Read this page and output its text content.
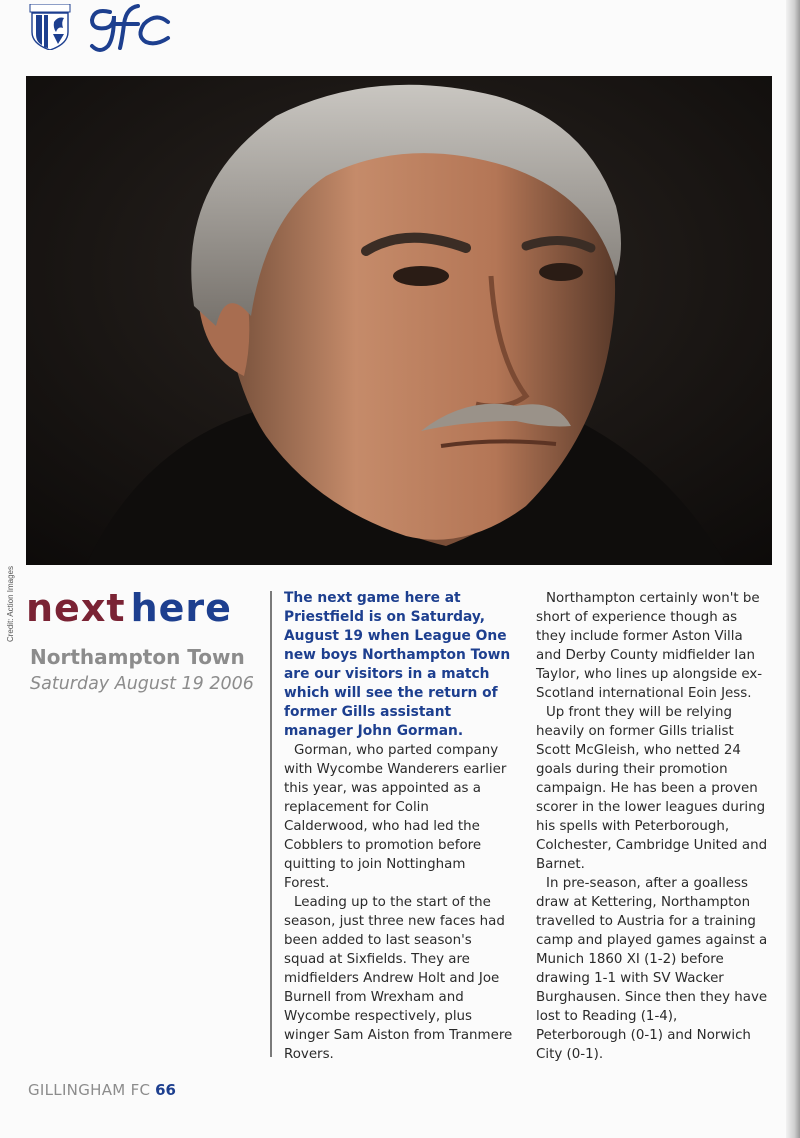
Credit: Action Images next here
Northampton Town
Saturday August 19 2006

The next game here at Priestfield is on Saturday, August 19 when League One new boys Northampton Town are our visitors in a match which will see the return of former Gills assistant manager John Gorman.

Gorman, who parted company with Wycombe Wanderers earlier this year, was appointed as a replacement for Colin Calderwood, who had led the Cobblers to promotion before quitting to join Nottingham Forest.

Leading up to the start of the season, just three new faces had been added to last season's squad at Sixfields. They are midfielders Andrew Holt and Joe Burnell from Wrexham and Wycombe respectively, plus winger Sam Aiston from Tranmere Rovers.

Northampton certainly won't be short of experience though as they include former Aston Villa and Derby County midfielder Ian Taylor, who lines up alongside ex-Scotland international Eoin Jess.

Up front they will be relying heavily on former Gills trialist Scott McGleish, who netted 24 goals during their promotion campaign. He has been a proven scorer in the lower leagues during his spells with Peterborough, Colchester, Cambridge United and Barnet.

In pre-season, after a goalless draw at Kettering, Northampton travelled to Austria for a training camp and played games against a Munich 1860 XI (1-2) before drawing 1-1 with SV Wacker Burghausen. Since then they have lost to Reading (1-4), Peterborough (0-1) and Norwich City (0-1).

GILLINGHAM FC 66
